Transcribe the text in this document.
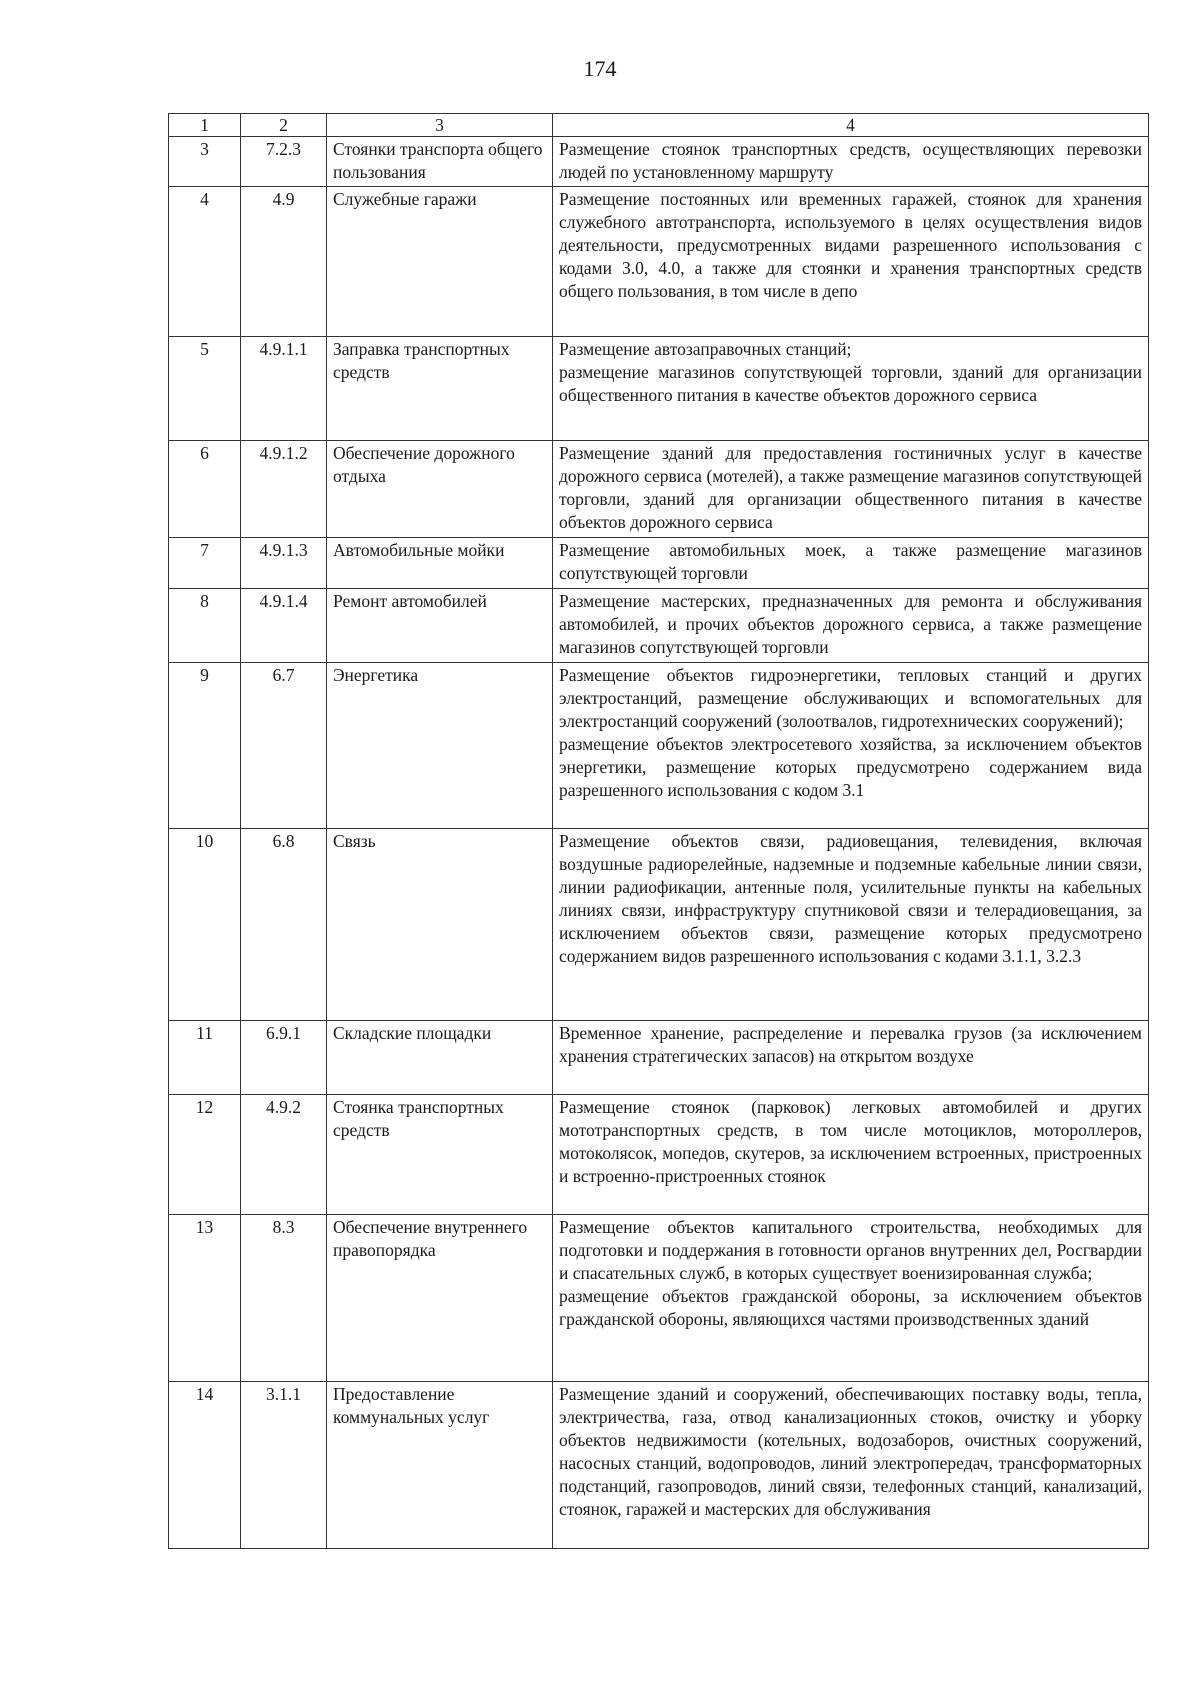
174
1	2	3	4
3	7.2.3	Стоянки транспорта общего пользования	Размещение стоянок транспортных средств, осуществляющих перевозки людей по установленному маршруту

4	4.9	Служебные гаражи	Размещение постоянных или временных гаражей, стоянок для хранения служебного автотранспорта, используемого в целях осуществления видов деятельности, предусмотренных видами разрешенного использования с кодами 3.0, 4.0, а также для стоянки и хранения транспортных средств общего пользования, в том числе в депо

5	4.9.1.1	Заправка транспортных средств	Размещение автозаправочных станций;
размещение магазинов сопутствующей торговли, зданий для организации общественного питания в качестве объектов дорожного сервиса

6	4.9.1.2	Обеспечение дорожного отдыха	Размещение зданий для предоставления гостиничных услуг в качестве дорожного сервиса (мотелей), а также размещение магазинов сопутствующей торговли, зданий для организации общественного питания в качестве объектов дорожного сервиса

7	4.9.1.3	Автомобильные мойки	Размещение автомобильных моек, а также размещение магазинов сопутствующей торговли

8	4.9.1.4	Ремонт автомобилей	Размещение мастерских, предназначенных для ремонта и обслуживания автомобилей, и прочих объектов дорожного сервиса, а также размещение магазинов сопутствующей торговли

9	6.7	Энергетика	Размещение объектов гидроэнергетики, тепловых станций и других электростанций, размещение обслуживающих и вспомогательных для электростанций сооружений (золоотвалов, гидротехнических сооружений);
размещение объектов электросетевого хозяйства, за исключением объектов энергетики, размещение которых предусмотрено содержанием вида разрешенного использования с кодом 3.1

10	6.8	Связь	Размещение объектов связи, радиовещания, телевидения, включая воздушные радиорелейные, надземные и подземные кабельные линии связи, линии радиофикации, антенные поля, усилительные пункты на кабельных линиях связи, инфраструктуру спутниковой связи и телерадиовещания, за исключением объектов связи, размещение которых предусмотрено содержанием видов разрешенного использования с кодами 3.1.1, 3.2.3

11	6.9.1	Складские площадки	Временное хранение, распределение и перевалка грузов (за исключением хранения стратегических запасов) на открытом воздухе

12	4.9.2	Стоянка транспортных средств	Размещение стоянок (парковок) легковых автомобилей и других мототранспортных средств, в том числе мотоциклов, мотороллеров, мотоколясок, мопедов, скутеров, за исключением встроенных, пристроенных и встроенно-пристроенных стоянок

13	8.3	Обеспечение внутреннего правопорядка	Размещение объектов капитального строительства, необходимых для подготовки и поддержания в готовности органов внутренних дел, Росгвардии и спасательных служб, в которых существует военизированная служба;
размещение объектов гражданской обороны, за исключением объектов гражданской обороны, являющихся частями производственных зданий

14	3.1.1	Предоставление коммунальных услуг	Размещение зданий и сооружений, обеспечивающих поставку воды, тепла, электричества, газа, отвод канализационных стоков, очистку и уборку объектов недвижимости (котельных, водозаборов, очистных сооружений, насосных станций, водопроводов, линий электропередач, трансформаторных подстанций, газопроводов, линий связи, телефонных станций, канализаций, стоянок, гаражей и мастерских для обслуживания
